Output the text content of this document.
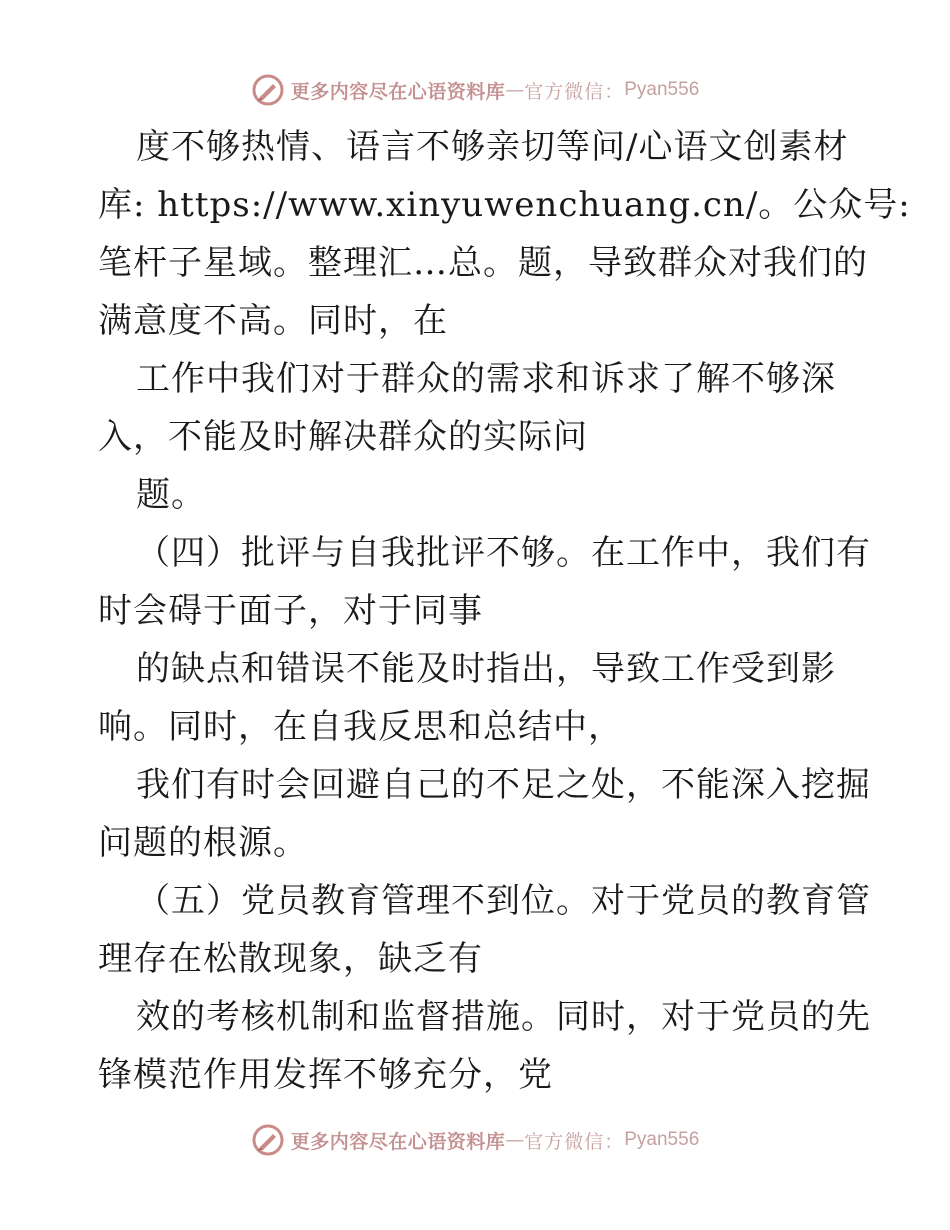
更多内容尽在心语资料库 — 官方微信： Pyan556
度不够热情、语言不够亲切等问/心语文创素材
库: https://www.xinyuwenchuang.cn/。公众号:
笔杆子星域。整理汇…总。题，导致群众对我们的
满意度不高。同时，在
工作中我们对于群众的需求和诉求了解不够深
入，不能及时解决群众的实际问
题。
（四）批评与自我批评不够。在工作中，我们有
时会碍于面子，对于同事
的缺点和错误不能及时指出，导致工作受到影
响。同时，在自我反思和总结中，
我们有时会回避自己的不足之处，不能深入挖掘
问题的根源。
（五）党员教育管理不到位。对于党员的教育管
理存在松散现象，缺乏有
效的考核机制和监督措施。同时，对于党员的先
锋模范作用发挥不够充分，党
更多内容尽在心语资料库 — 官方微信： Pyan556
